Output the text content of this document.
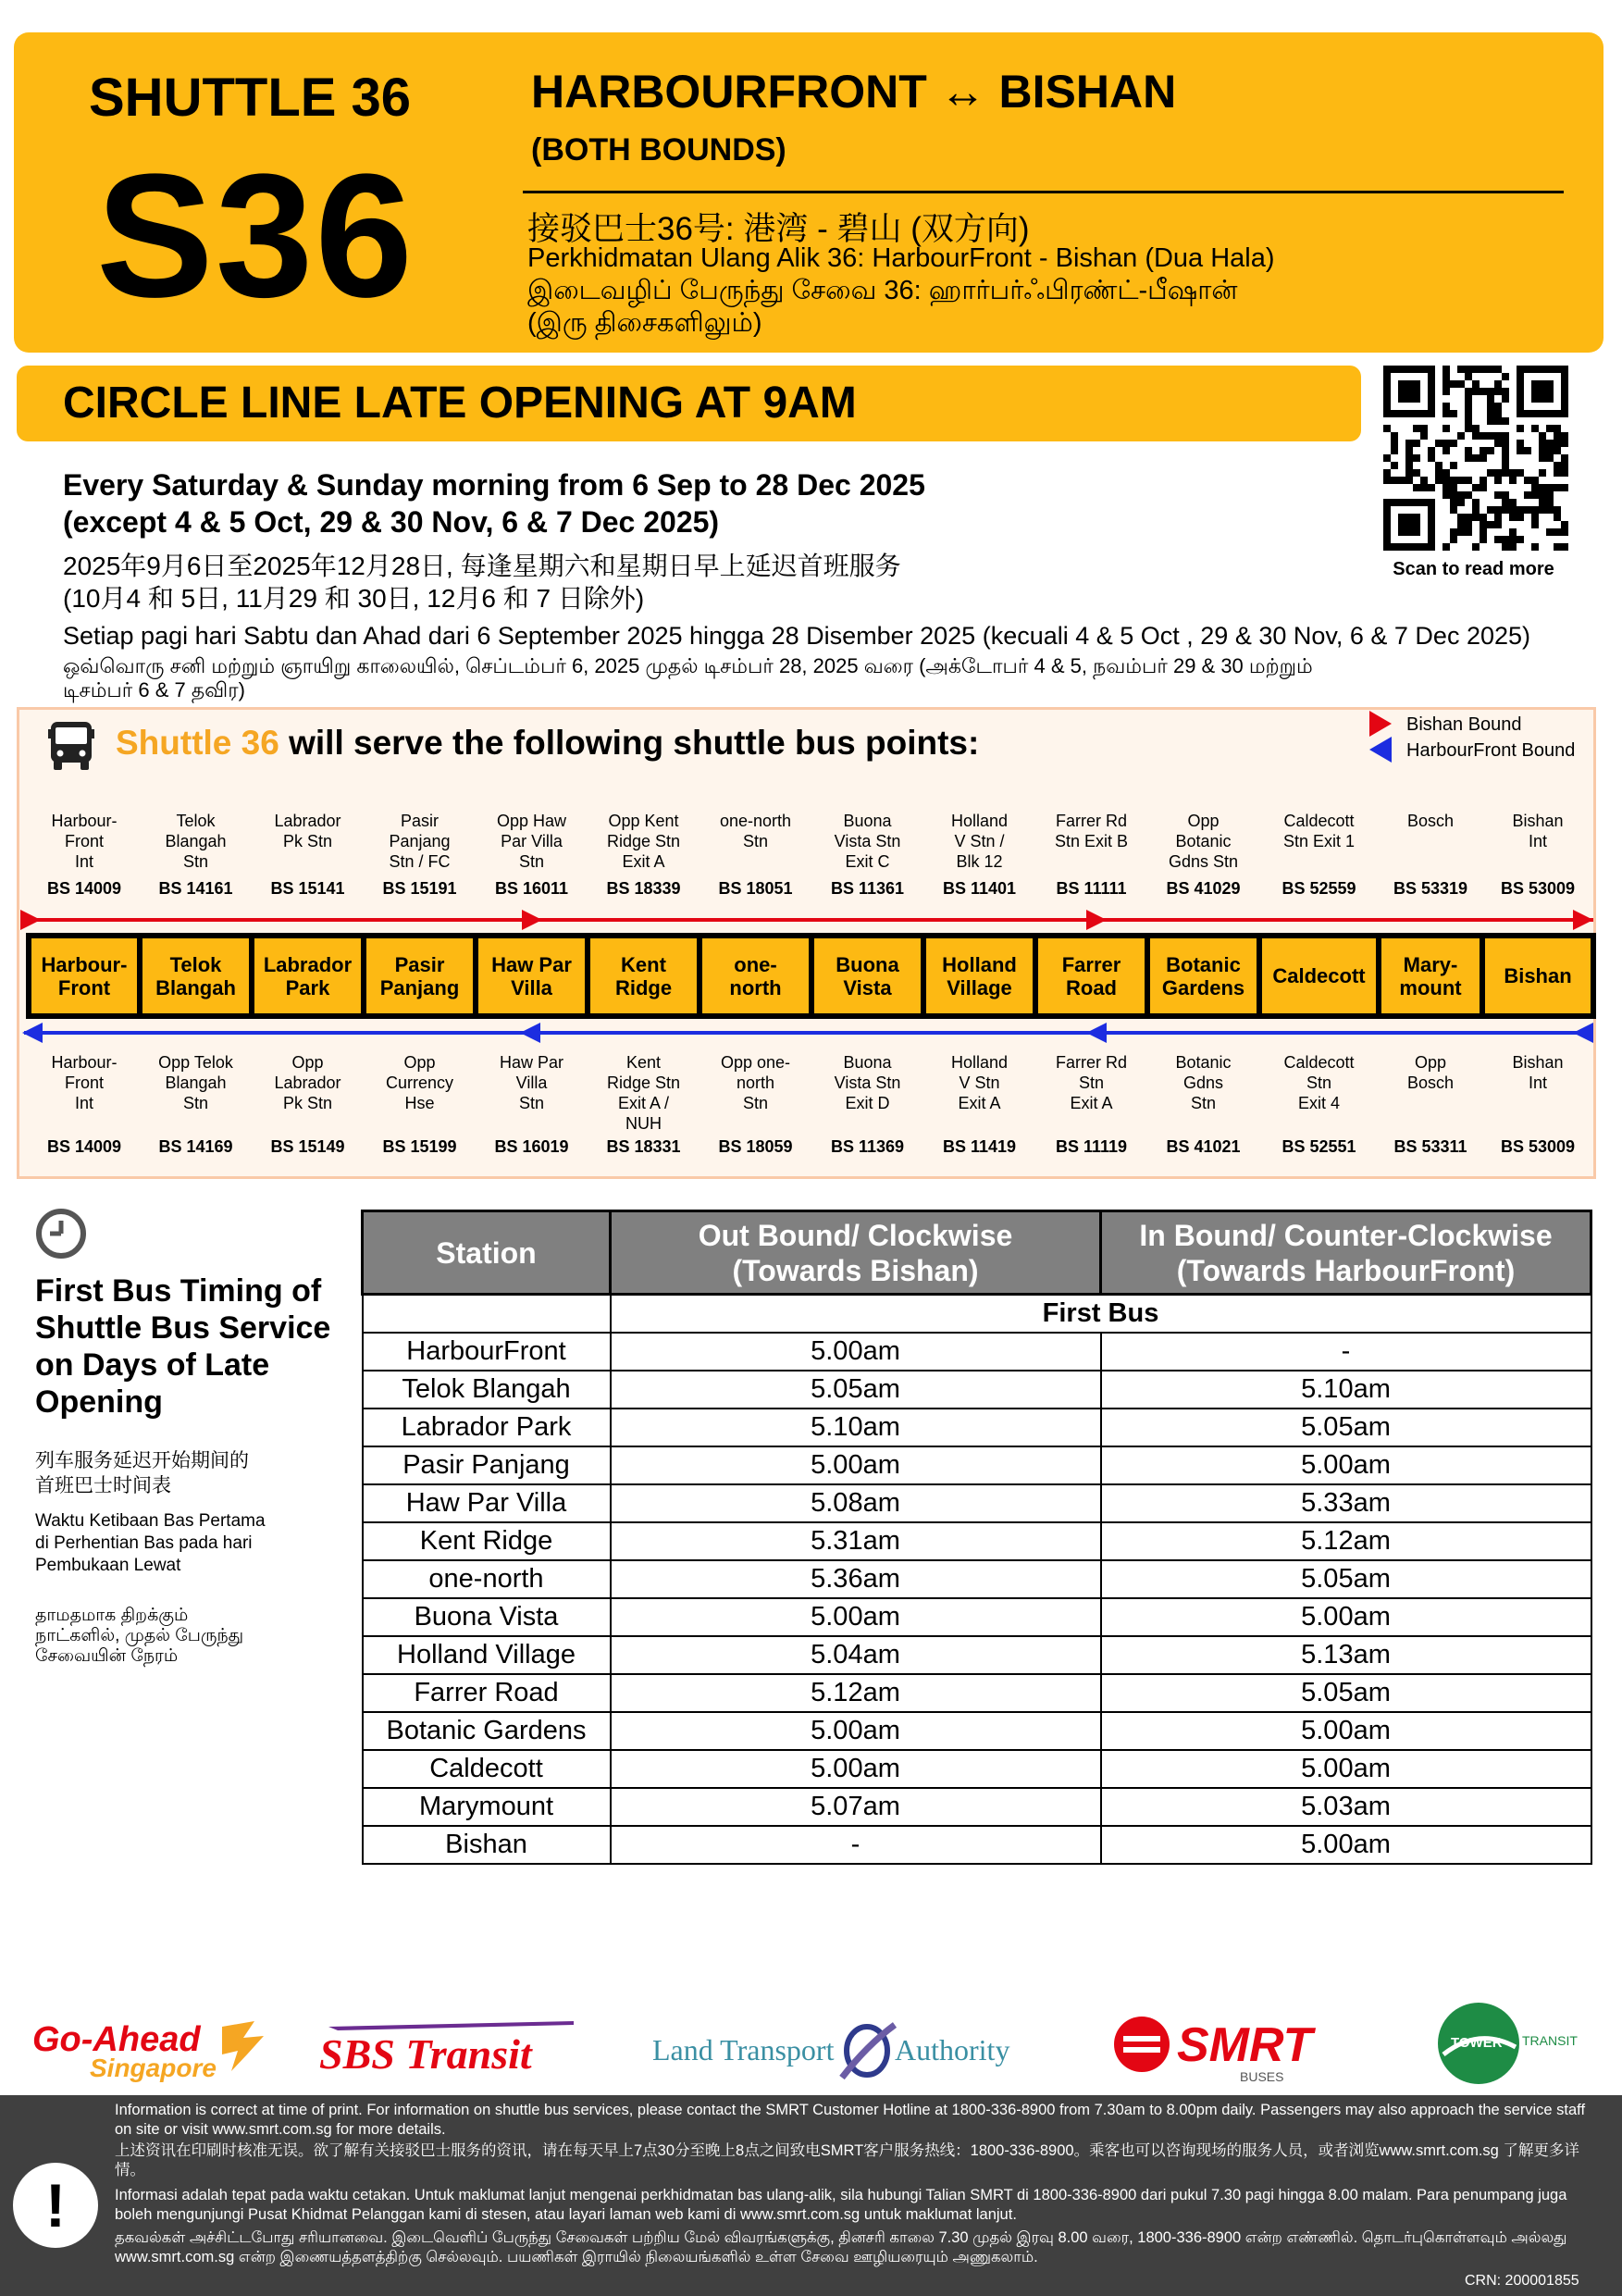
SHUTTLE 36
S36
HARBOURFRONT ↔ BISHAN
(BOTH BOUNDS)
接驳巴士36号: 港湾 - 碧山 (双方向)
Perkhidmatan Ulang Alik 36: HarbourFront - Bishan (Dua Hala)
இடைவழிப் பேருந்து சேவை 36: ஹார்பர்ஃபிரண்ட்-பீஷான்
(இரு திசைகளிலும்)
CIRCLE LINE LATE OPENING AT 9AM
Scan to read more
Every Saturday & Sunday morning from 6 Sep to 28 Dec 2025
(except 4 & 5 Oct, 29 & 30 Nov, 6 & 7 Dec 2025)
2025年9月6日至2025年12月28日, 每逢星期六和星期日早上延迟首班服务
(10月4 和 5日, 11月29 和 30日, 12月6 和 7 日除外)
Setiap pagi hari Sabtu dan Ahad dari 6 September 2025 hingga 28 Disember 2025 (kecuali 4 & 5 Oct , 29 & 30 Nov, 6 & 7 Dec 2025)
ஒவ்வொரு சனி மற்றும் ஞாயிறு காலையில், செப்டம்பர் 6, 2025 முதல் டிசம்பர் 28, 2025 வரை (அக்டோபர் 4 & 5, நவம்பர் 29 & 30 மற்றும்
டிசம்பர் 6 & 7 தவிர)
Shuttle 36 will serve the following shuttle bus points:	Bishan Bound
HarbourFront Bound
Harbour-
Front
Int
BS 14009
Telok
Blangah
Stn
BS 14161
Labrador
Pk Stn
BS 15141
Pasir
Panjang
Stn / FC
BS 15191
Opp Haw
Par Villa
Stn
BS 16011
Opp Kent
Ridge Stn
Exit A
BS 18339
one-north
Stn
BS 18051
Buona
Vista Stn
Exit C
BS 11361
Holland
V Stn /
Blk 12
BS 11401
Farrer Rd
Stn Exit B
BS 11111
Opp
Botanic
Gdns Stn
BS 41029
Caldecott
Stn Exit 1
BS 52559
Bosch
BS 53319
Bishan
Int
BS 53009
Harbour-
Front
Int
BS 14009
Opp Telok
Blangah
Stn
BS 14169
Opp
Labrador
Pk Stn
BS 15149
Opp
Currency
Hse
BS 15199
Haw Par
Villa
Stn
BS 16019
Kent
Ridge Stn
Exit A /
NUH
BS 18331
Opp one-
north
Stn
BS 18059
Buona
Vista Stn
Exit D
BS 11369
Holland
V Stn
Exit A
BS 11419
Farrer Rd
Stn
Exit A
BS 11119
Botanic
Gdns
Stn
BS 41021
Caldecott
Stn
Exit 4
BS 52551
Opp
Bosch
BS 53311
Bishan
Int
BS 53009
Harbour-
Front
Telok
Blangah
Labrador
Park
Pasir
Panjang
Haw Par
Villa
Kent
Ridge
one-
north
Buona
Vista
Holland
Village
Farrer
Road
Botanic
Gardens	Caldecott	Mary-
mount	Bishan
First Bus Timing of Shuttle Bus Service on Days of Late Opening
列车服务延迟开始期间的
首班巴士时间表
Waktu Ketibaan Bas Pertama
di Perhentian Bas pada hari
Pembukaan Lewat
தாமதமாக திறக்கும்
நாட்களில், முதல் பேருந்து
சேவையின் நேரம்
Station	Out Bound/ Clockwise
(Towards Bishan)	In Bound/ Counter-Clockwise
(Towards HarbourFront)
	First Bus	
HarbourFront	5.00am	-
Telok Blangah	5.05am	5.10am
Labrador Park	5.10am	5.05am
Pasir Panjang	5.00am	5.00am
Haw Par Villa	5.08am	5.33am
Kent Ridge	5.31am	5.12am
one-north	5.36am	5.05am
Buona Vista	5.00am	5.00am
Holland Village	5.04am	5.13am
Farrer Road	5.12am	5.05am
Botanic Gardens	5.00am	5.00am
Caldecott	5.00am	5.00am
Marymount	5.07am	5.03am
Bishan	-	5.00am
Go-Ahead
Singapore SBS Transit	Land Transport Authority	SMRT
BUSES
TOWER TRANSIT
!
Information is correct at time of print. For information on shuttle bus services, please contact the SMRT Customer Hotline at 1800-336-8900 from 7.30am to 8.00pm daily. Passengers may also approach the service staff on site or visit www.smrt.com.sg for more details.
上述资讯在印刷时核准无误。欲了解有关接驳巴士服务的资讯，请在每天早上7点30分至晚上8点之间致电SMRT客户服务热线：1800-336-8900。乘客也可以咨询现场的服务人员，或者浏览www.smrt.com.sg 了解更多详情。
Informasi adalah tepat pada waktu cetakan. Untuk maklumat lanjut mengenai perkhidmatan bas ulang-alik, sila hubungi Talian SMRT di 1800-336-8900 dari pukul 7.30 pagi hingga 8.00 malam. Para penumpang juga boleh mengunjungi Pusat Khidmat Pelanggan kami di stesen, atau layari laman web kami di www.smrt.com.sg untuk maklumat lanjut.
தகவல்கள் அச்சிட்டபோது சரியானவை. இடைவெளிப் பேருந்து சேவைகள் பற்றிய மேல் விவரங்களுக்கு, தினசரி காலை 7.30 முதல் இரவு 8.00 வரை, 1800-336-8900 என்ற எண்ணில். தொடர்புகொள்ளவும் அல்லது www.smrt.com.sg என்ற இணையத்தளத்திற்கு செல்லவும். பயணிகள் இராயில் நிலையங்களில் உள்ள சேவை ஊழியரையும் அணுகலாம்.
CRN: 200001855
